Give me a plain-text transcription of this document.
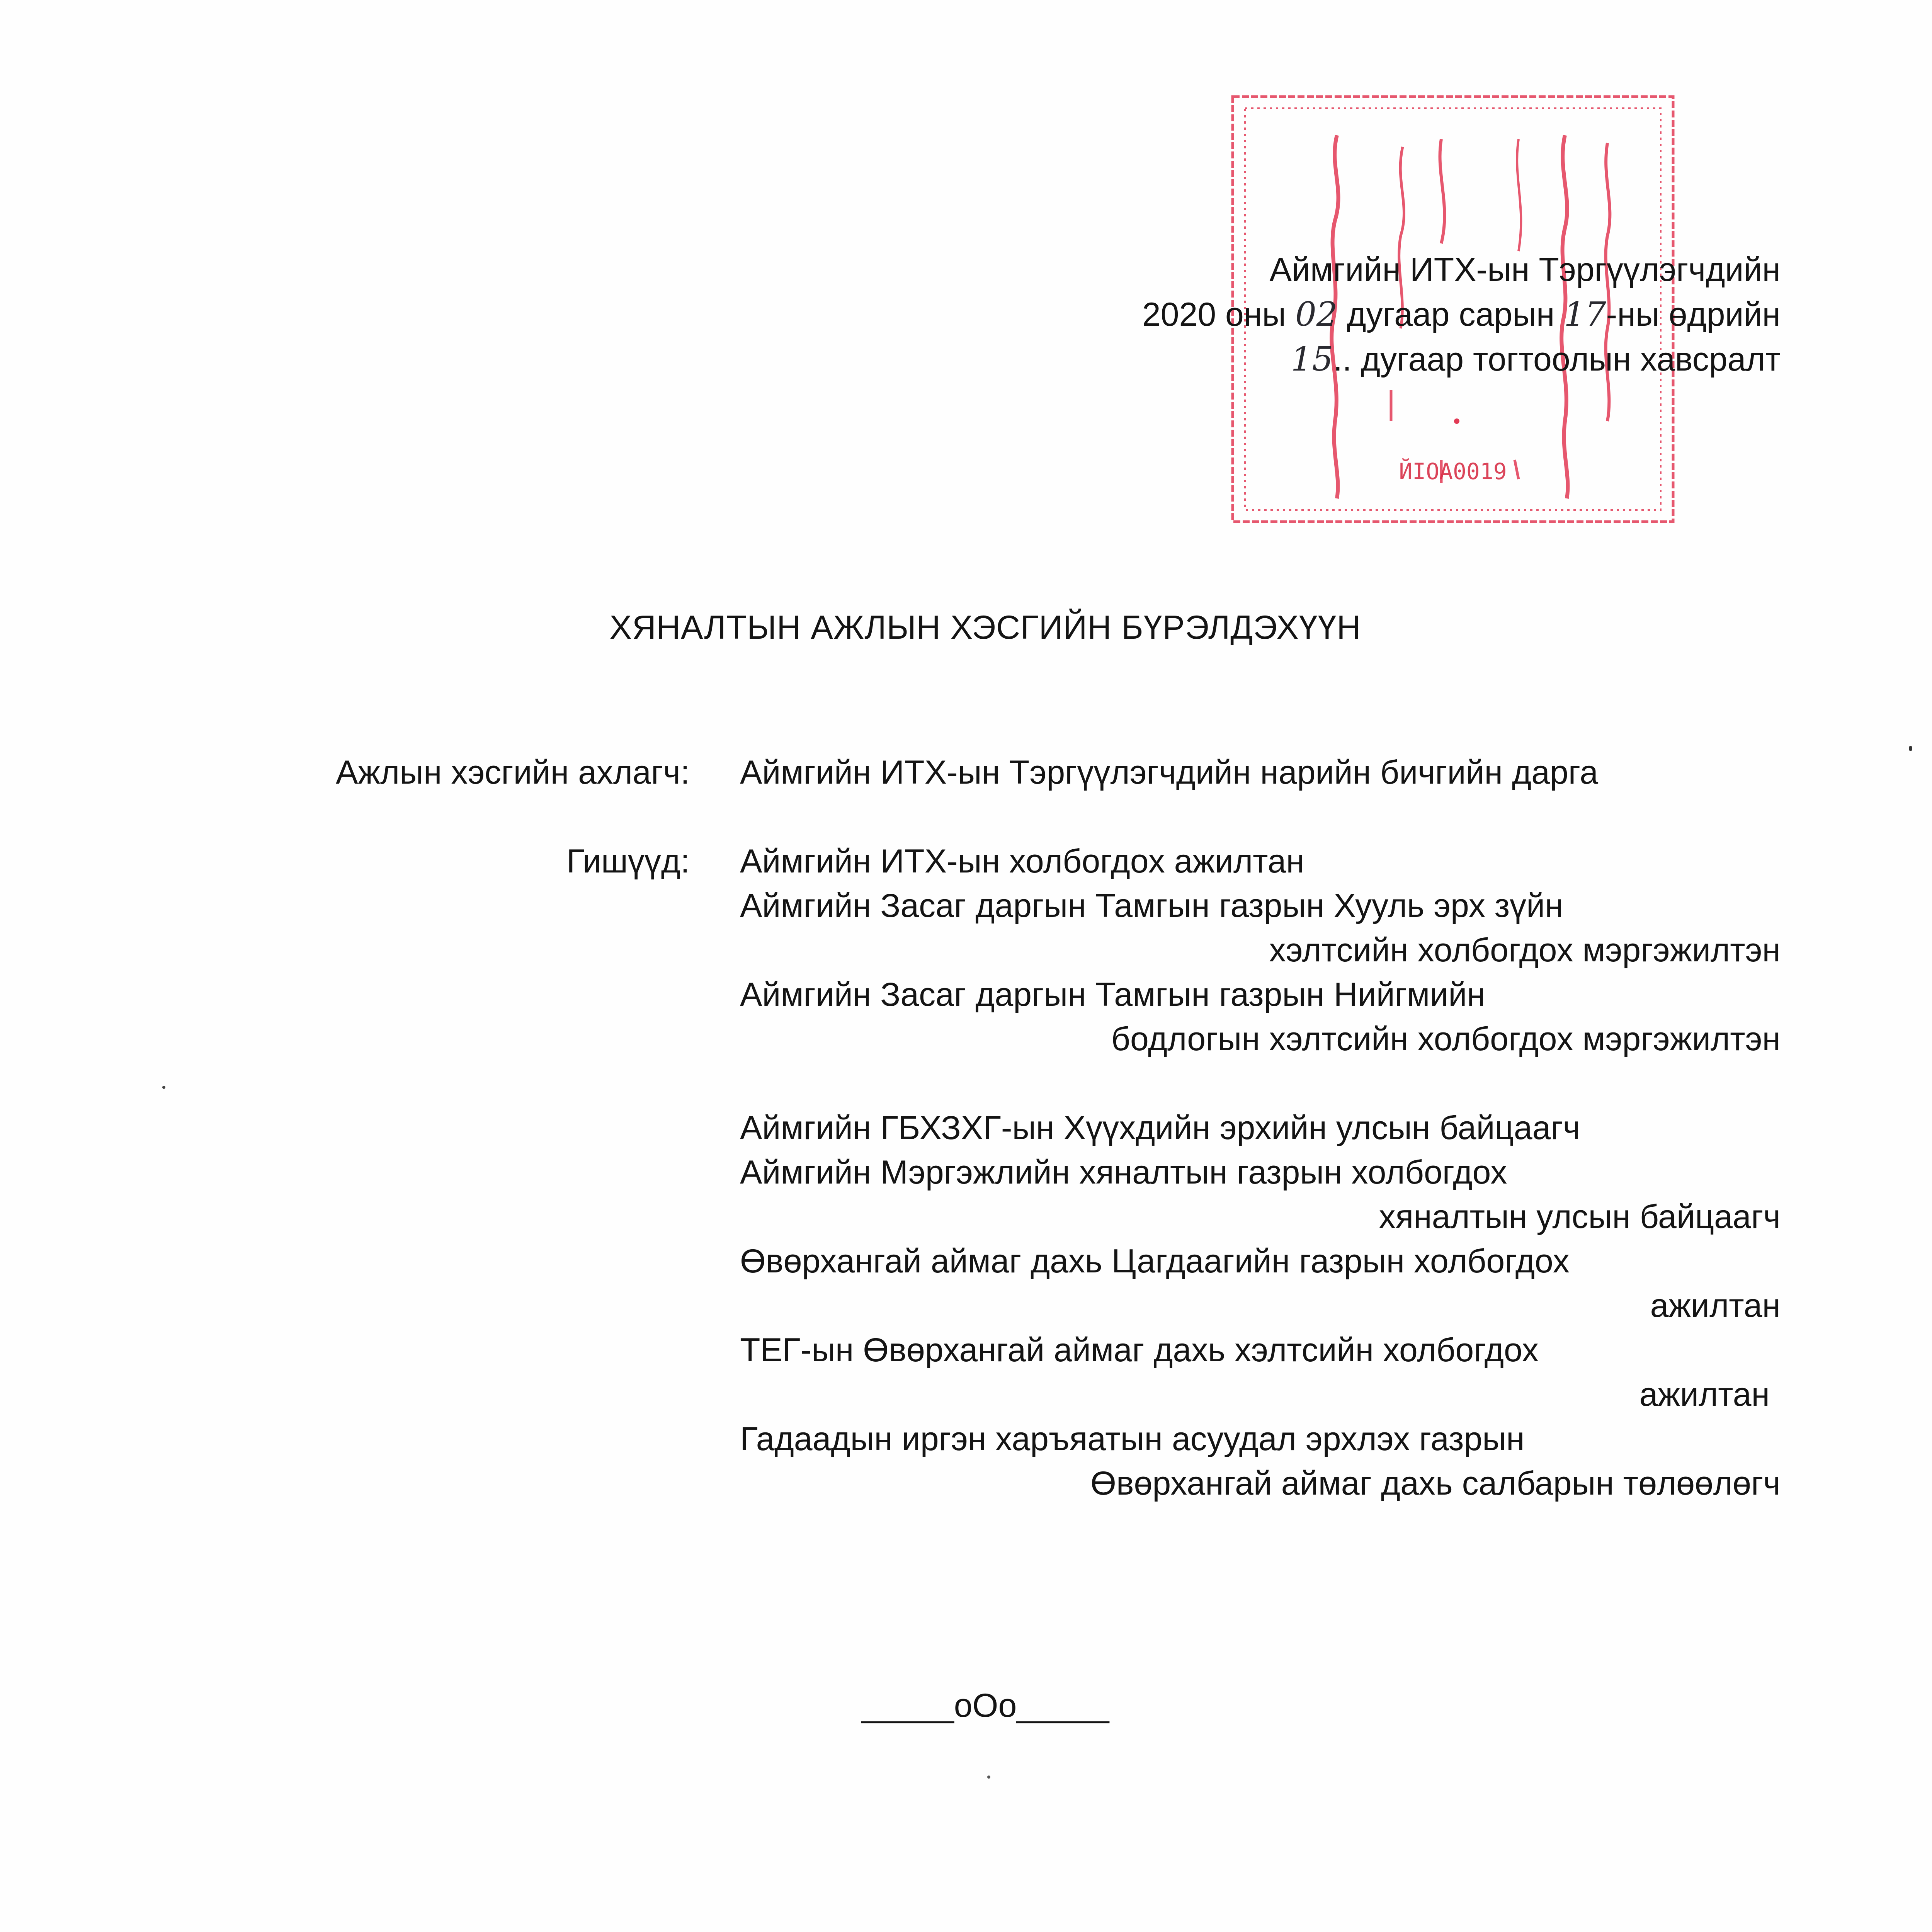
ЙIOA0019
Аймгийн ИТХ-ын Тэргүүлэгчдийн
2020 оны 02 дугаар сарын 17-ны өдрийн
15.. дугаар тогтоолын хавсралт
ХЯНАЛТЫН АЖЛЫН ХЭСГИЙН БҮРЭЛДЭХҮҮН
Ажлын хэсгийн ахлагч: Аймгийн ИТХ-ын Тэргүүлэгчдийн нарийн бичгийн дарга
Гишүүд: Аймгийн ИТХ-ын холбогдох ажилтан
Аймгийн Засаг даргын Тамгын газрын Хууль эрх зүйн
хэлтсийн холбогдох мэргэжилтэн
Аймгийн Засаг даргын Тамгын газрын Нийгмийн
бодлогын хэлтсийн холбогдох мэргэжилтэн
Аймгийн ГБХЗХГ-ын Хүүхдийн эрхийн улсын байцаагч
Аймгийн Мэргэжлийн хяналтын газрын холбогдох
хяналтын улсын байцаагч
Өвөрхангай аймаг дахь Цагдаагийн газрын холбогдох
ажилтан
ТЕГ-ын Өвөрхангай аймаг дахь хэлтсийн холбогдох
ажилтан
Гадаадын иргэн харъяатын асуудал эрхлэх газрын
Өвөрхангай аймаг дахь салбарын төлөөлөгч
_____оОо_____
